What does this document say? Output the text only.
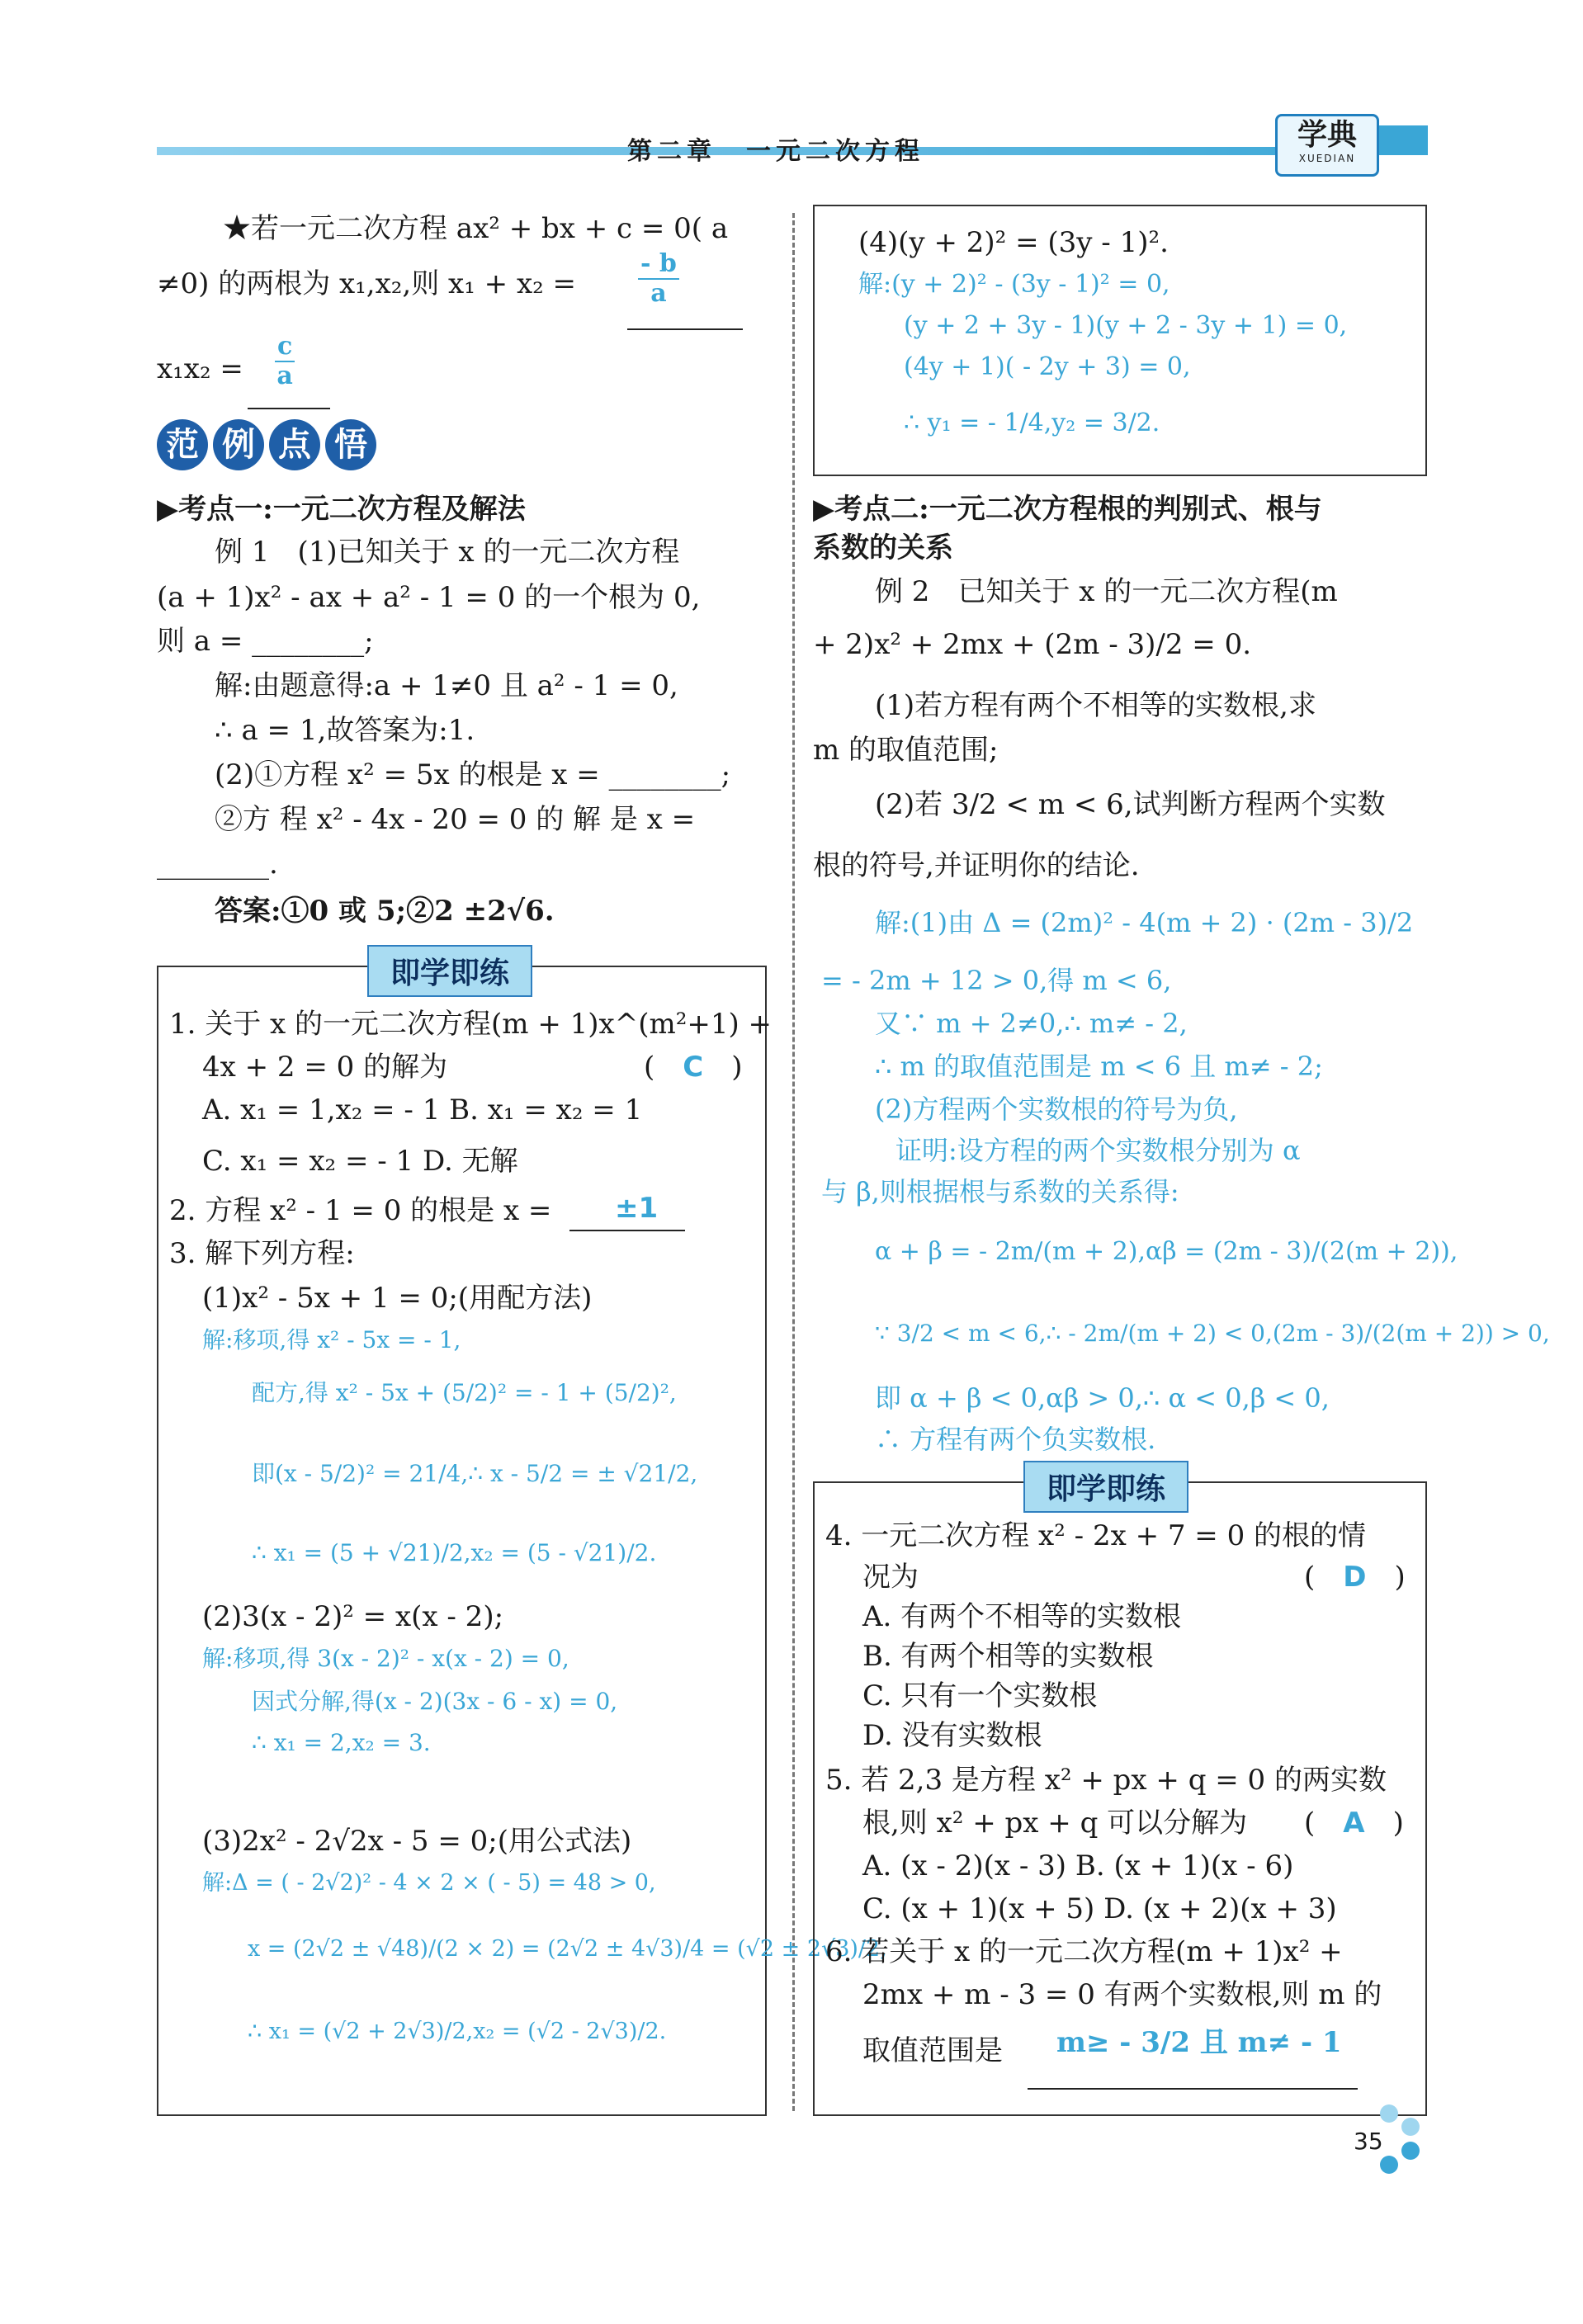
第二章　一元二次方程	学典
XUEDIAN
★若一元二次方程 ax² + bx + c = 0( a
≠0) 的两根为 x₁,x₂,则 $x_1 + x_2 = \frac{- b}{a}$
$x_1x_2 = \frac{c}{a}$
范 例 点 悟
▶考点一:一元二次方程及解法
例 1　(1)已知关于 x 的一元二次方程
(a + 1)x² - ax + a² - 1 = 0 的一个根为 0,
则 a = ________;
解:由题意得:a + 1≠0 且 a² - 1 = 0,
∴ a = 1,故答案为:1.
(2)①方程 x² = 5x 的根是 x = ________;
②方 程 x² - 4x - 20 = 0 的 解 是 x =
________.
答案:①0 或 5;②2 ±2√6.
即学即练
1. 关于 x 的一元二次方程(m + 1)x^(m²+1) +
4x + 2 = 0 的解为	(　C　)
A. x₁ = 1,x₂ = - 1 B. x₁ = x₂ = 1
C. x₁ = x₂ = - 1 D. 无解
2. 方程 x² - 1 = 0 的根是 x = ±1
3. 解下列方程:
(1)x² - 5x + 1 = 0;(用配方法)
解:移项,得 x² - 5x = - 1,
配方,得 x² - 5x + (5/2)² = - 1 + (5/2)²,
即(x - 5/2)² = 21/4,∴ x - 5/2 = ± √21/2,
∴ x₁ = (5 + √21)/2,x₂ = (5 - √21)/2.
(2)3(x - 2)² = x(x - 2);
解:移项,得 3(x - 2)² - x(x - 2) = 0,
因式分解,得(x - 2)(3x - 6 - x) = 0,
∴ x₁ = 2,x₂ = 3.
(3)2x² - 2√2x - 5 = 0;(用公式法)
解:Δ = ( - 2√2)² - 4 × 2 × ( - 5) = 48 > 0,
x = (2√2 ± √48)/(2 × 2) = (2√2 ± 4√3)/4 = (√2 ± 2√3)/2,
∴ x₁ = (√2 + 2√3)/2,x₂ = (√2 - 2√3)/2.
(4)(y + 2)² = (3y - 1)².
解:(y + 2)² - (3y - 1)² = 0,
(y + 2 + 3y - 1)(y + 2 - 3y + 1) = 0,
(4y + 1)( - 2y + 3) = 0,
∴ y₁ = - 1/4,y₂ = 3/2.
▶考点二:一元二次方程根的判别式、根与
系数的关系
例 2　已知关于 x 的一元二次方程(m
+ 2)x² + 2mx + (2m - 3)/2 = 0.
(1)若方程有两个不相等的实数根,求
m 的取值范围;
(2)若 3/2 < m < 6,试判断方程两个实数
根的符号,并证明你的结论.
解:(1)由 Δ = (2m)² - 4(m + 2) · (2m - 3)/2
= - 2m + 12 > 0,得 m < 6,
又∵ m + 2≠0,∴ m≠ - 2,
∴ m 的取值范围是 m < 6 且 m≠ - 2;
(2)方程两个实数根的符号为负,
证明:设方程的两个实数根分别为 α
与 β,则根据根与系数的关系得:
α + β = - 2m/(m + 2),αβ = (2m - 3)/(2(m + 2)),
∵ 3/2 < m < 6,∴ - 2m/(m + 2) < 0,(2m - 3)/(2(m + 2)) > 0,
即 α + β < 0,αβ > 0,∴ α < 0,β < 0,
∴ 方程有两个负实数根.
即学即练
4. 一元二次方程 x² - 2x + 7 = 0 的根的情
况为	(　D　)
A. 有两个不相等的实数根
B. 有两个相等的实数根
C. 只有一个实数根
D. 没有实数根
5. 若 2,3 是方程 x² + px + q = 0 的两实数
根,则 x² + px + q 可以分解为 (　A　)
A. (x - 2)(x - 3) B. (x + 1)(x - 6)
C. (x + 1)(x + 5) D. (x + 2)(x + 3)
6. 若关于 x 的一元二次方程(m + 1)x² +
2mx + m - 3 = 0 有两个实数根,则 m 的
取值范围是 m≥ - 3/2 且 m≠ - 1
35
